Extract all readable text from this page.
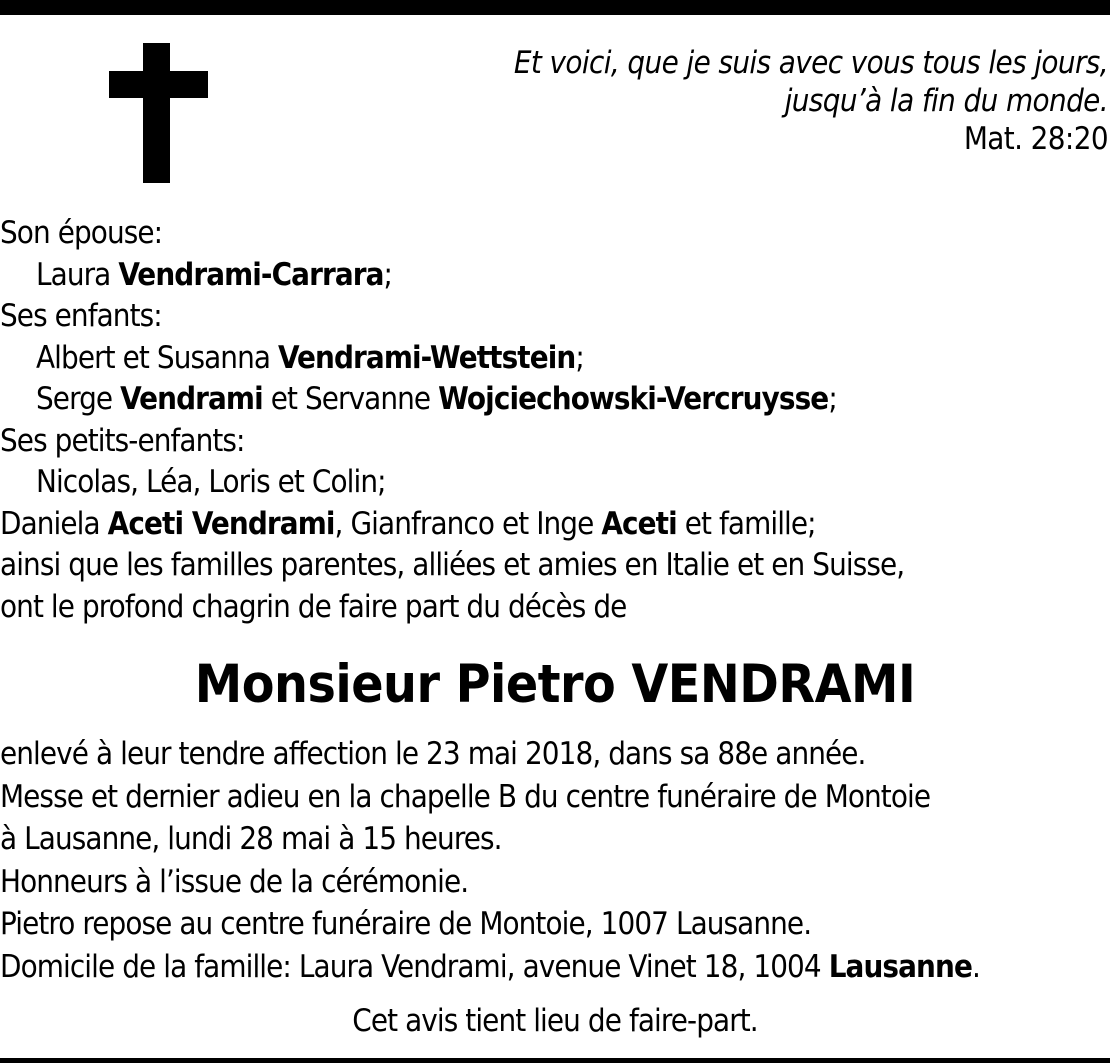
Et voici, que je suis avec vous tous les jours,
jusqu’à la fin du monde.
Mat. 28:20
Son épouse:
Laura Vendrami-Carrara;
Ses enfants:
Albert et Susanna Vendrami-Wettstein;
Serge Vendrami et Servanne Wojciechowski-Vercruysse;
Ses petits-enfants:
Nicolas, Léa, Loris et Colin;
Daniela Aceti Vendrami, Gianfranco et Inge Aceti et famille;
ainsi que les familles parentes, alliées et amies en Italie et en Suisse,
ont le profond chagrin de faire part du décès de
Monsieur Pietro VENDRAMI
enlevé à leur tendre affection le 23 mai 2018, dans sa 88e année.
Messe et dernier adieu en la chapelle B du centre funéraire de Montoie
à Lausanne, lundi 28 mai à 15 heures.
Honneurs à l’issue de la cérémonie.
Pietro repose au centre funéraire de Montoie, 1007 Lausanne.
Domicile de la famille: Laura Vendrami, avenue Vinet 18, 1004 Lausanne.
Cet avis tient lieu de faire-part.
